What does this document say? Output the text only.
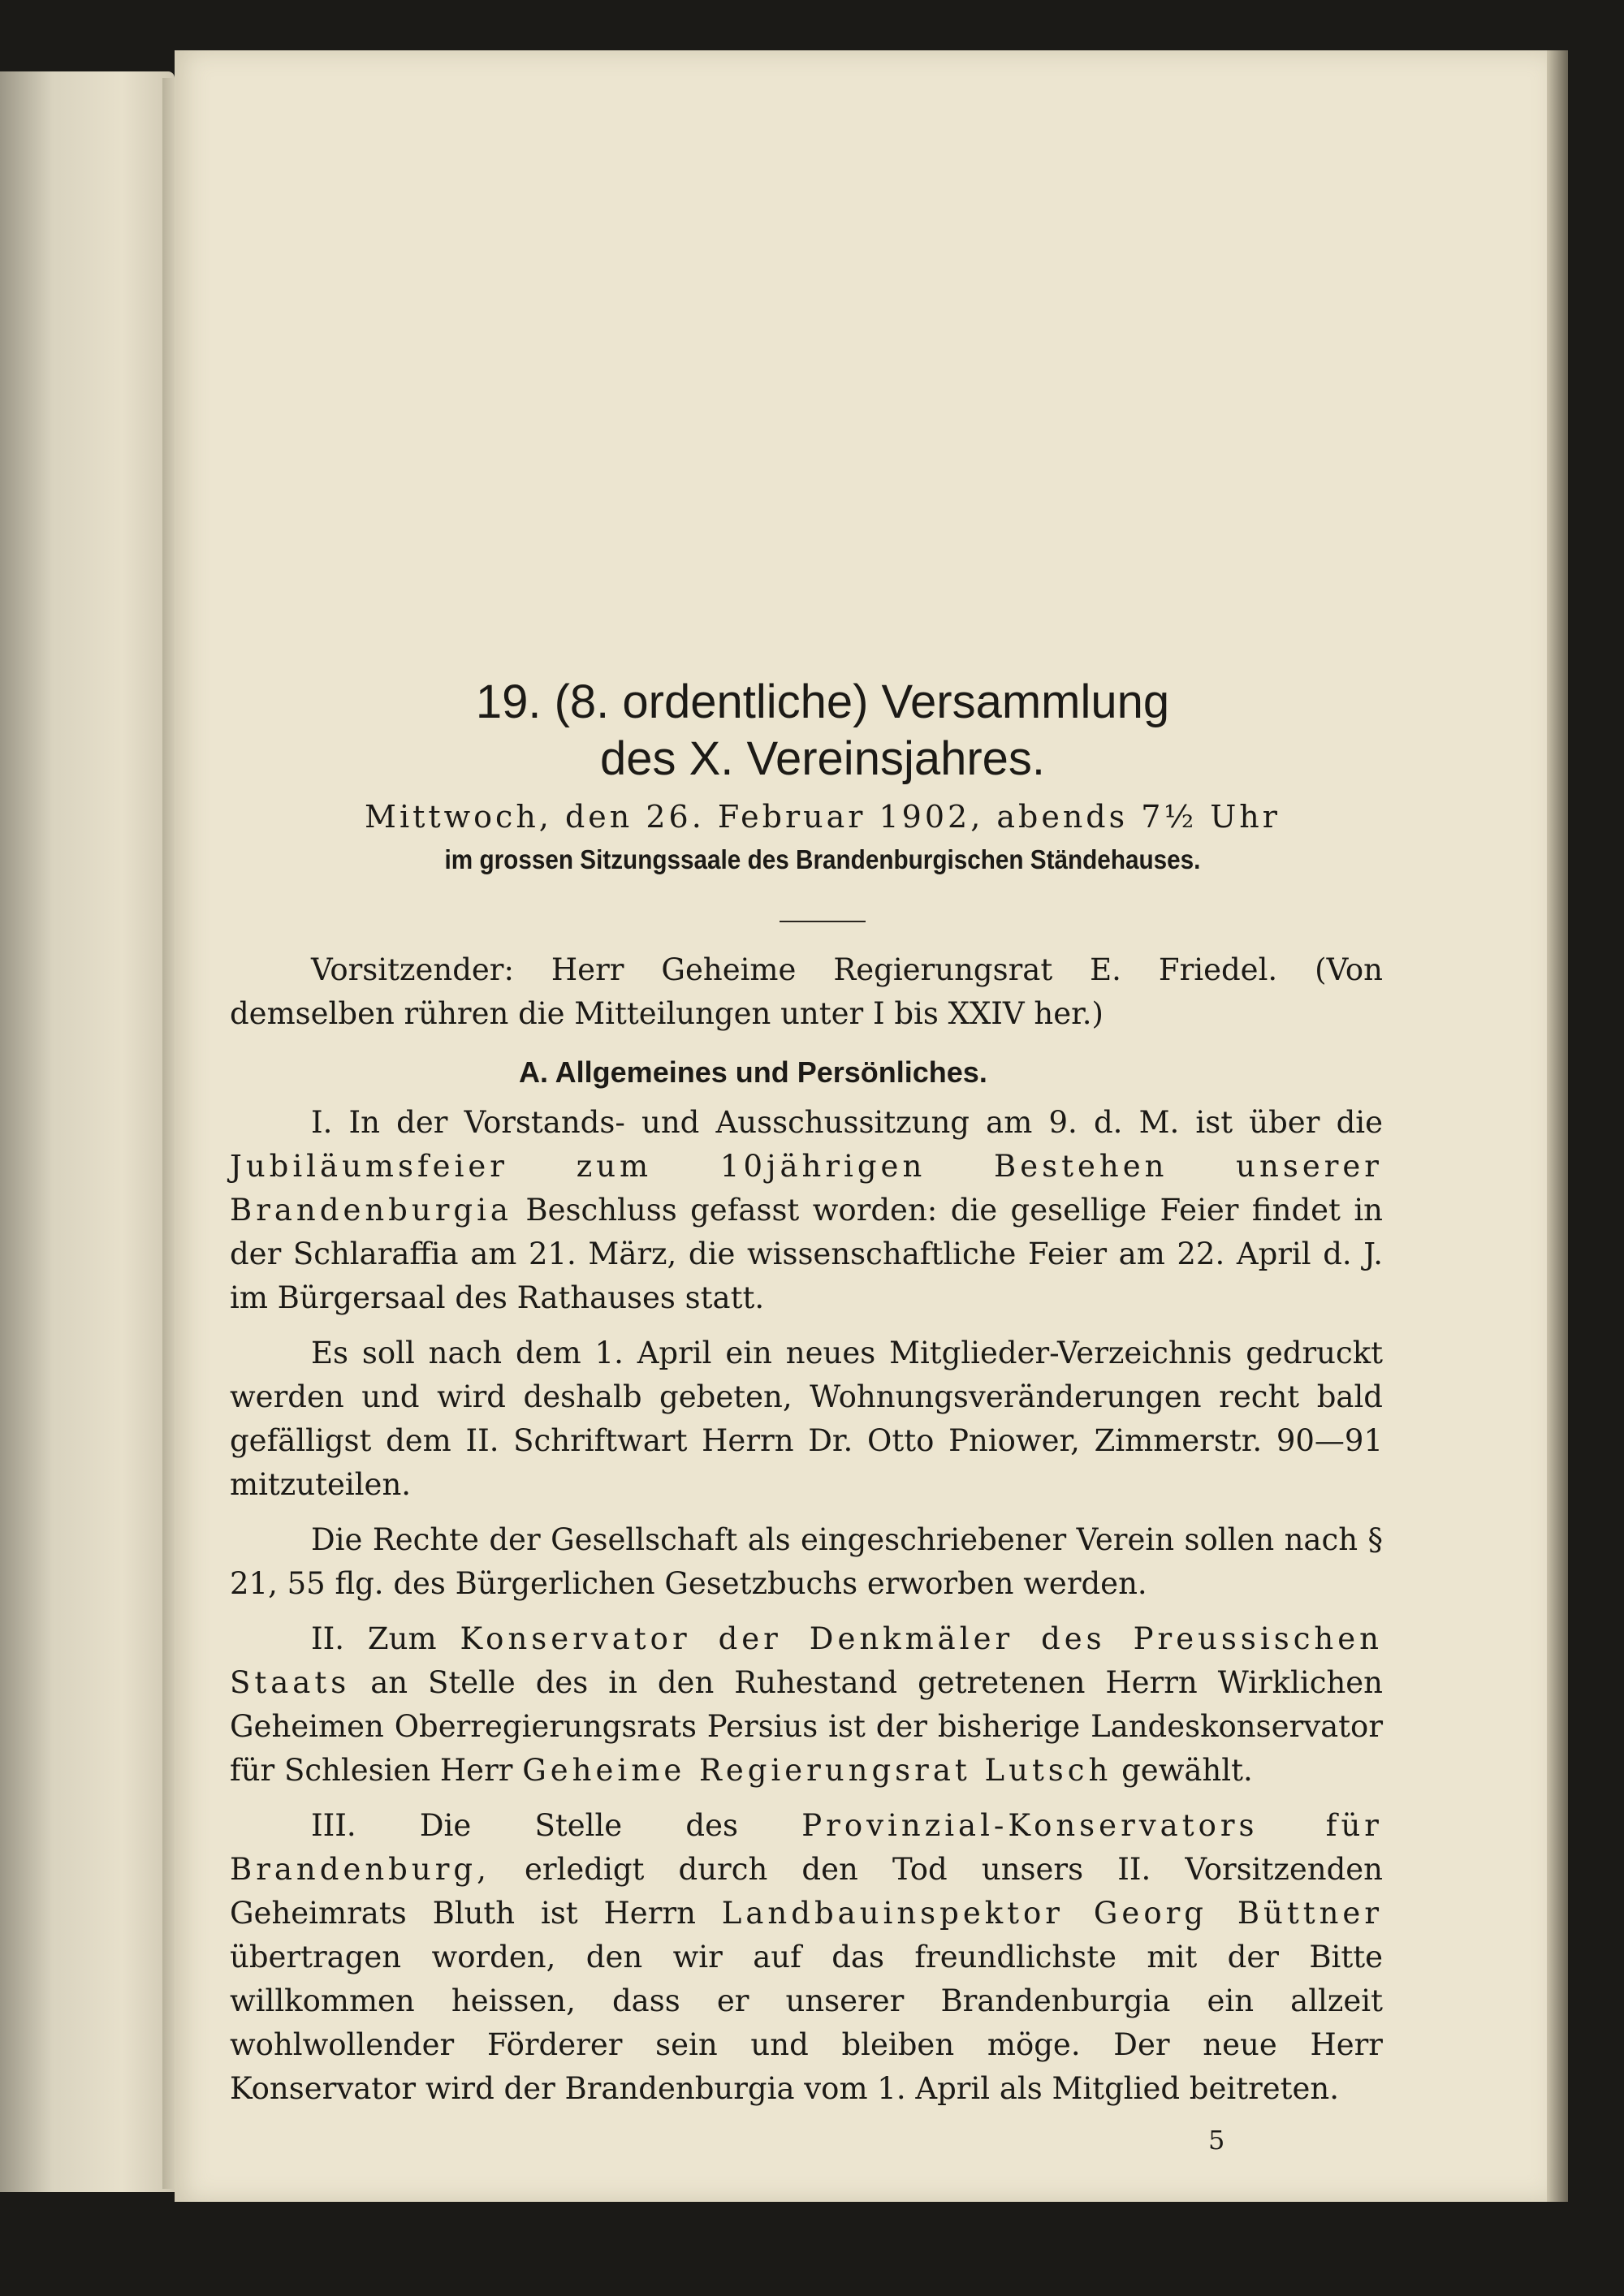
19. (8. ordentliche) Versammlung
des X. Vereinsjahres.
Mittwoch, den 26. Februar 1902, abends 7½ Uhr
im grossen Sitzungssaale des Brandenburgischen Ständehauses.

Vorsitzender: Herr Geheime Regierungsrat E. Friedel. (Von demselben rühren die Mitteilungen unter I bis XXIV her.)

A. Allgemeines und Persönliches.

I. In der Vorstands- und Ausschussitzung am 9. d. M. ist über die Jubiläumsfeier zum 10jährigen Bestehen unserer Brandenburgia Beschluss gefasst worden: die gesellige Feier findet in der Schlaraffia am 21. März, die wissenschaftliche Feier am 22. April d. J. im Bürgersaal des Rathauses statt.

Es soll nach dem 1. April ein neues Mitglieder-Verzeichnis gedruckt werden und wird deshalb gebeten, Wohnungsveränderungen recht bald gefälligst dem II. Schriftwart Herrn Dr. Otto Pniower, Zimmerstr. 90—91 mitzuteilen.

Die Rechte der Gesellschaft als eingeschriebener Verein sollen nach § 21, 55 flg. des Bürgerlichen Gesetzbuchs erworben werden.

II. Zum Konservator der Denkmäler des Preussischen Staats an Stelle des in den Ruhestand getretenen Herrn Wirklichen Geheimen Oberregierungsrats Persius ist der bisherige Landeskonservator für Schlesien Herr Geheime Regierungsrat Lutsch gewählt.

III. Die Stelle des Provinzial-Konservators für Brandenburg, erledigt durch den Tod unsers II. Vorsitzenden Geheimrats Bluth ist Herrn Landbauinspektor Georg Büttner übertragen worden, den wir auf das freundlichste mit der Bitte willkommen heissen, dass er unserer Brandenburgia ein allzeit wohlwollender Förderer sein und bleiben möge. Der neue Herr Konservator wird der Brandenburgia vom 1. April als Mitglied beitreten.

5
